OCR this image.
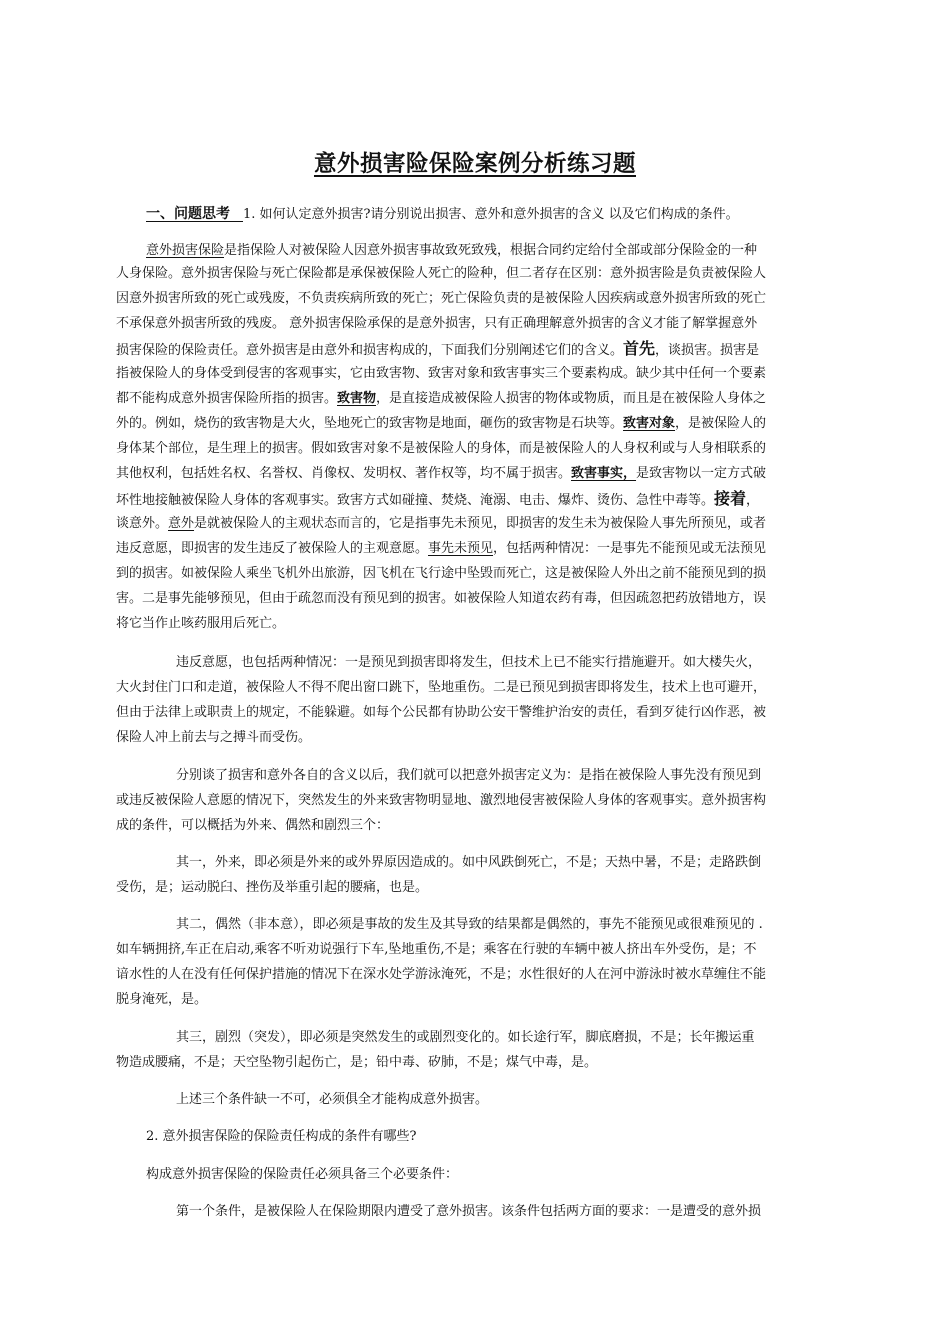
意外损害险保险案例分析练习题
一、问题思考  1. 如何认定意外损害?请分别说出损害、意外和意外损害的含义 以及它们构成的条件。
意外损害保险是指保险人对被保险人因意外损害事故致死致残，根据合同约定给付全部或部分保险金的一种
人身保险。意外损害保险与死亡保险都是承保被保险人死亡的险种，但二者存在区别：意外损害险是负责被保险人
因意外损害所致的死亡或残废，不负责疾病所致的死亡；死亡保险负责的是被保险人因疾病或意外损害所致的死亡
不承保意外损害所致的残废。 意外损害保险承保的是意外损害，只有正确理解意外损害的含义才能了解掌握意外
损害保险的保险责任。意外损害是由意外和损害构成的，下面我们分别阐述它们的含义。首先，谈损害。损害是
指被保险人的身体受到侵害的客观事实，它由致害物、致害对象和致害事实三个要素构成。缺少其中任何一个要素
都不能构成意外损害保险所指的损害。致害物，是直接造成被保险人损害的物体或物质，而且是在被保险人身体之
外的。例如，烧伤的致害物是大火，坠地死亡的致害物是地面，砸伤的致害物是石块等。致害对象，是被保险人的
身体某个部位，是生理上的损害。假如致害对象不是被保险人的身体，而是被保险人的人身权利或与人身相联系的
其他权利，包括姓名权、名誉权、肖像权、发明权、著作权等，均不属于损害。致害事实，是致害物以一定方式破
坏性地接触被保险人身体的客观事实。致害方式如碰撞、焚烧、淹溺、电击、爆炸、烫伤、急性中毒等。接着，
谈意外。意外是就被保险人的主观状态而言的，它是指事先未预见，即损害的发生未为被保险人事先所预见，或者
违反意愿，即损害的发生违反了被保险人的主观意愿。事先未预见，包括两种情况：一是事先不能预见或无法预见
到的损害。如被保险人乘坐飞机外出旅游，因飞机在飞行途中坠毁而死亡，这是被保险人外出之前不能预见到的损
害。二是事先能够预见，但由于疏忽而没有预见到的损害。如被保险人知道农药有毒，但因疏忽把药放错地方，误
将它当作止咳药服用后死亡。
违反意愿，也包括两种情况：一是预见到损害即将发生，但技术上已不能实行措施避开。如大楼失火，
大火封住门口和走道，被保险人不得不爬出窗口跳下，坠地重伤。二是已预见到损害即将发生，技术上也可避开，
但由于法律上或职责上的规定，不能躲避。如每个公民都有协助公安干警维护治安的责任，看到歹徒行凶作恶，被
保险人冲上前去与之搏斗而受伤。
分别谈了损害和意外各自的含义以后，我们就可以把意外损害定义为：是指在被保险人事先没有预见到
或违反被保险人意愿的情况下，突然发生的外来致害物明显地、激烈地侵害被保险人身体的客观事实。意外损害构
成的条件，可以概括为外来、偶然和剧烈三个：
其一，外来，即必须是外来的或外界原因造成的。如中风跌倒死亡，不是；天热中暑，不是；走路跌倒
受伤，是；运动脱臼、挫伤及举重引起的腰痛，也是。
其二，偶然（非本意），即必须是事故的发生及其导致的结果都是偶然的，事先不能预见或很难预见的 .
如车辆拥挤,车正在启动,乘客不听劝说强行下车,坠地重伤,不是；乘客在行驶的车辆中被人挤出车外受伤，是；不
谙水性的人在没有任何保护措施的情况下在深水处学游泳淹死，不是；水性很好的人在河中游泳时被水草缠住不能
脱身淹死，是。
其三，剧烈（突发），即必须是突然发生的或剧烈变化的。如长途行军，脚底磨损，不是；长年搬运重
物造成腰痛，不是；天空坠物引起伤亡，是；铅中毒、矽肺，不是；煤气中毒，是。
上述三个条件缺一不可，必须俱全才能构成意外损害。
2. 意外损害保险的保险责任构成的条件有哪些?
构成意外损害保险的保险责任必须具备三个必要条件：
第一个条件，是被保险人在保险期限内遭受了意外损害。该条件包括两方面的要求：一是遭受的意外损
